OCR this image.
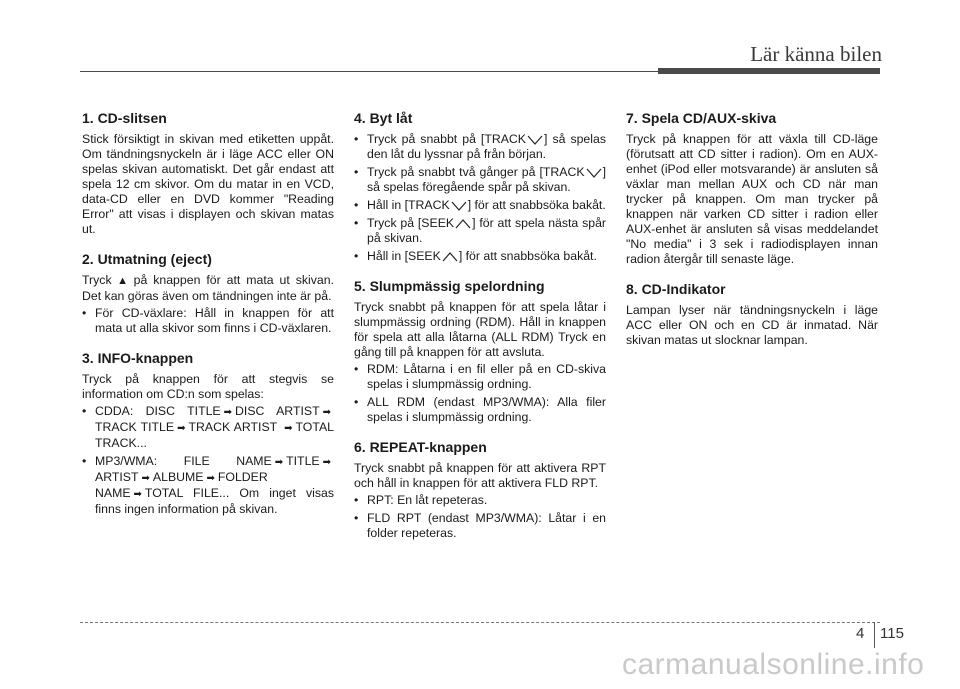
Lär känna bilen
1. CD-slitsen

Stick försiktigt in skivan med etiketten uppåt. Om tändningsnyckeln är i läge ACC eller ON spelas skivan automatiskt. Det går endast att spela 12 cm skivor. Om du matar in en VCD, data-CD eller en DVD kommer "Reading Error" att visas i displayen och skivan matas ut.

2. Utmatning (eject)

Tryck ▲ på knappen för att mata ut skivan. Det kan göras även om tändningen inte är på.

• För CD-växlare: Håll in knappen för att mata ut alla skivor som finns i CD-växlaren.
3. INFO-knappen

Tryck på knappen för att stegvis se information om CD:n som spelas:

• CDDA: DISC TITLE ➡ DISC ARTIST ➡ TRACK TITLE ➡ TRACK ARTIST ➡ TOTAL TRACK...
• MP3/WMA: FILE NAME ➡ TITLE ➡ ARTIST ➡ ALBUME ➡ FOLDER NAME ➡ TOTAL FILE... Om inget visas finns ingen information på skivan.
4. Byt låt
• Tryck på snabbt på [TRACK ] så spelas den låt du lyssnar på från början.
• Tryck på snabbt två gånger på [TRACK ] så spelas föregående spår på skivan.
• Håll in [TRACK ] för att snabbsöka bakåt.
• Tryck på [SEEK ] för att spela nästa spår på skivan.
• Håll in [SEEK ] för att snabbsöka bakåt.
5. Slumpmässig spelordning

Tryck snabbt på knappen för att spela låtar i slumpmässig ordning (RDM). Håll in knappen för spela att alla låtarna (ALL RDM) Tryck en gång till på knappen för att avsluta.

• RDM: Låtarna i en fil eller på en CD-skiva spelas i slumpmässig ordning.
• ALL RDM (endast MP3/WMA): Alla filer spelas i slumpmässig ordning.
6. REPEAT-knappen

Tryck snabbt på knappen för att aktivera RPT och håll in knappen för att aktivera FLD RPT.

• RPT: En låt repeteras.
• FLD RPT (endast MP3/WMA): Låtar i en folder repeteras.
7. Spela CD/AUX-skiva

Tryck på knappen för att växla till CD-läge (förutsatt att CD sitter i radion). Om en AUX-enhet (iPod eller motsvarande) är ansluten så växlar man mellan AUX och CD när man trycker på knappen. Om man trycker på knappen när varken CD sitter i radion eller AUX-enhet är ansluten så visas meddelandet "No media" i 3 sek i radiodisplayen innan radion återgår till senaste läge.

8. CD-Indikator

Lampan lyser när tändningsnyckeln i läge ACC eller ON och en CD är inmatad. När skivan matas ut slocknar lampan.

4 115
carmanualsonline.info
